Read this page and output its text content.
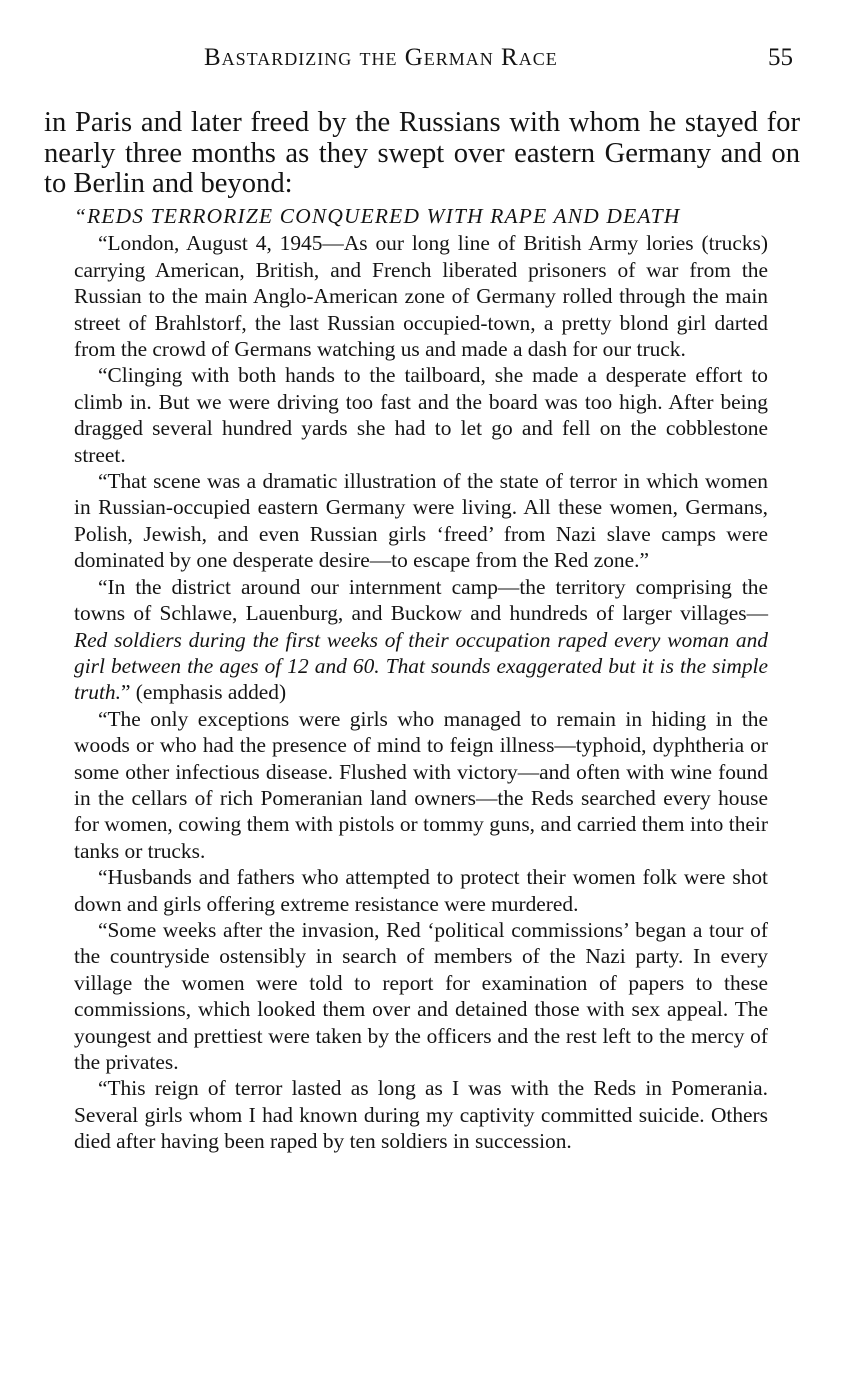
Bastardizing the German Race	55

in Paris and later freed by the Russians with whom he stayed for nearly three months as they swept over eastern Germany and on to Berlin and beyond:

“REDS TERRORIZE CONQUERED WITH RAPE AND DEATH

“London, August 4, 1945—As our long line of British Army lories (trucks) carrying American, British, and French liberated prisoners of war from the Russian to the main Anglo-American zone of Germany rolled through the main street of Brahlstorf, the last Russian occupied-town, a pretty blond girl darted from the crowd of Germans watching us and made a dash for our truck.

“Clinging with both hands to the tailboard, she made a desperate effort to climb in. But we were driving too fast and the board was too high. After being dragged several hundred yards she had to let go and fell on the cobblestone street.

“That scene was a dramatic illustration of the state of terror in which women in Russian-occupied eastern Germany were living. All these women, Germans, Polish, Jewish, and even Russian girls ‘freed’ from Nazi slave camps were dominated by one desperate desire—to escape from the Red zone.”

“In the district around our internment camp—the territory comprising the towns of Schlawe, Lauenburg, and Buckow and hundreds of larger villages—Red soldiers during the first weeks of their occupation raped every woman and girl between the ages of 12 and 60. That sounds exaggerated but it is the simple truth.” (emphasis added)

“The only exceptions were girls who managed to remain in hiding in the woods or who had the presence of mind to feign illness—typhoid, dyphtheria or some other infectious disease. Flushed with victory—and often with wine found in the cellars of rich Pomeranian land owners—the Reds searched every house for women, cowing them with pistols or tommy guns, and carried them into their tanks or trucks.

“Husbands and fathers who attempted to protect their women folk were shot down and girls offering extreme resistance were murdered.

“Some weeks after the invasion, Red ‘political commissions’ began a tour of the countryside ostensibly in search of members of the Nazi party. In every village the women were told to report for examination of papers to these commissions, which looked them over and detained those with sex appeal. The youngest and prettiest were taken by the officers and the rest left to the mercy of the privates.

“This reign of terror lasted as long as I was with the Reds in Pomerania. Several girls whom I had known during my captivity committed suicide. Others died after having been raped by ten soldiers in succession.
